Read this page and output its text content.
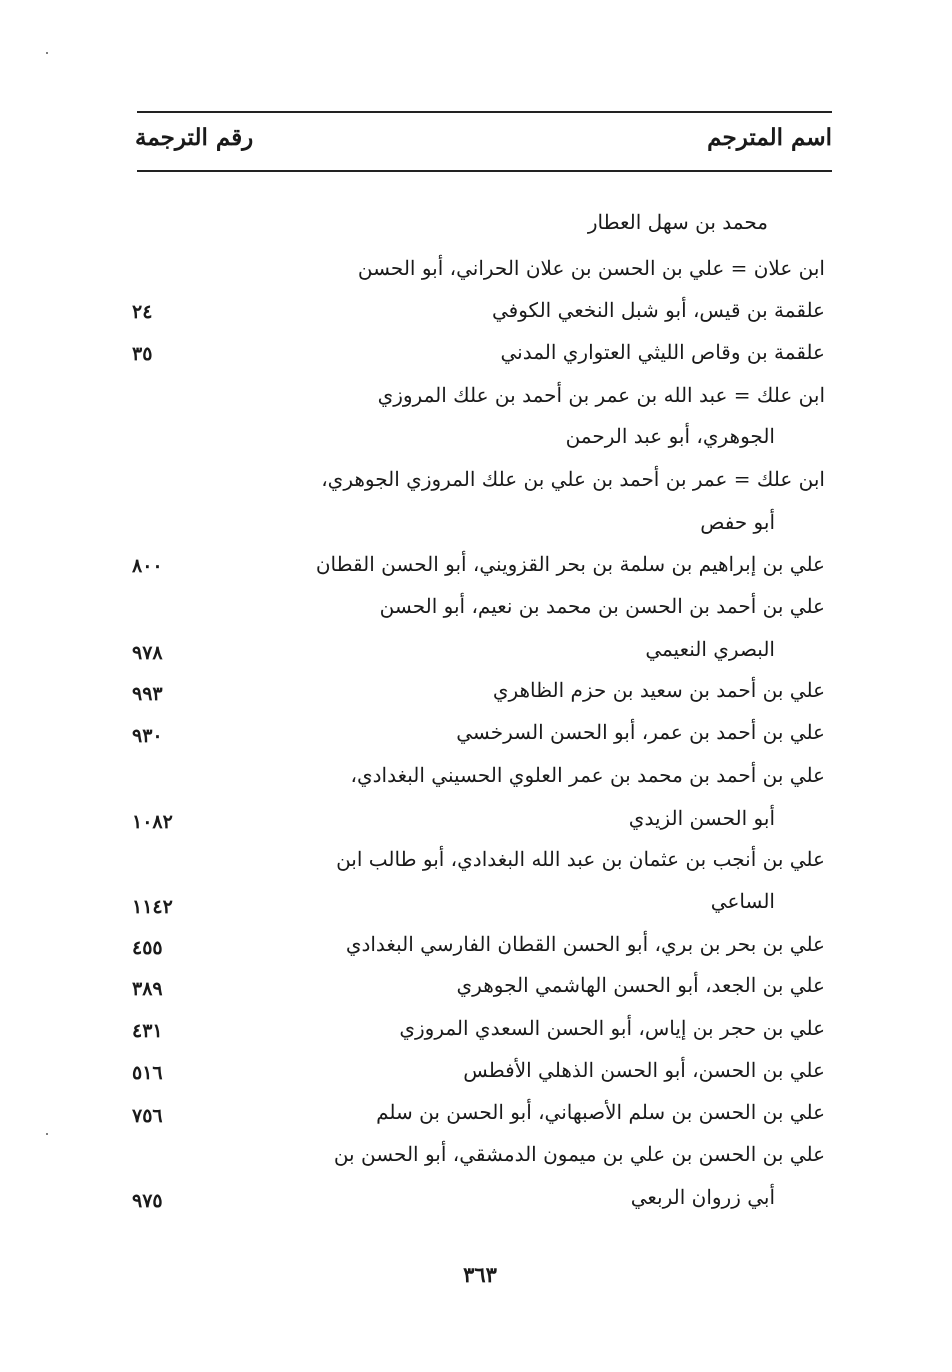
اسم المترجم
رقم الترجمة
محمد بن سهل العطار
ابن علان = علي بن الحسن بن علان الحراني، أبو الحسن
علقمة بن قيس، أبو شبل النخعي الكوفي
٢٤
علقمة بن وقاص الليثي العتواري المدني
٣٥
ابن علك = عبد الله بن عمر بن أحمد بن علك المروزي
الجوهري، أبو عبد الرحمن
ابن علك = عمر بن أحمد بن علي بن علك المروزي الجوهري،
أبو حفص
علي بن إبراهيم بن سلمة بن بحر القزويني، أبو الحسن القطان
٨٠٠
علي بن أحمد بن الحسن بن محمد بن نعيم، أبو الحسن
البصري النعيمي
٩٧٨
علي بن أحمد بن سعيد بن حزم الظاهري
٩٩٣
علي بن أحمد بن عمر، أبو الحسن السرخسي
٩٣٠
علي بن أحمد بن محمد بن عمر العلوي الحسيني البغدادي،
أبو الحسن الزيدي
١٠٨٢
علي بن أنجب بن عثمان بن عبد الله البغدادي، أبو طالب ابن
الساعي
١١٤٢
علي بن بحر بن بري، أبو الحسن القطان الفارسي البغدادي
٤٥٥
علي بن الجعد، أبو الحسن الهاشمي الجوهري
٣٨٩
علي بن حجر بن إياس، أبو الحسن السعدي المروزي
٤٣١
علي بن الحسن، أبو الحسن الذهلي الأفطس
٥١٦
علي بن الحسن بن سلم الأصبهاني، أبو الحسن بن سلم
٧٥٦
علي بن الحسن بن علي بن ميمون الدمشقي، أبو الحسن بن
أبي زروان الربعي
٩٧٥
٣٦٣
